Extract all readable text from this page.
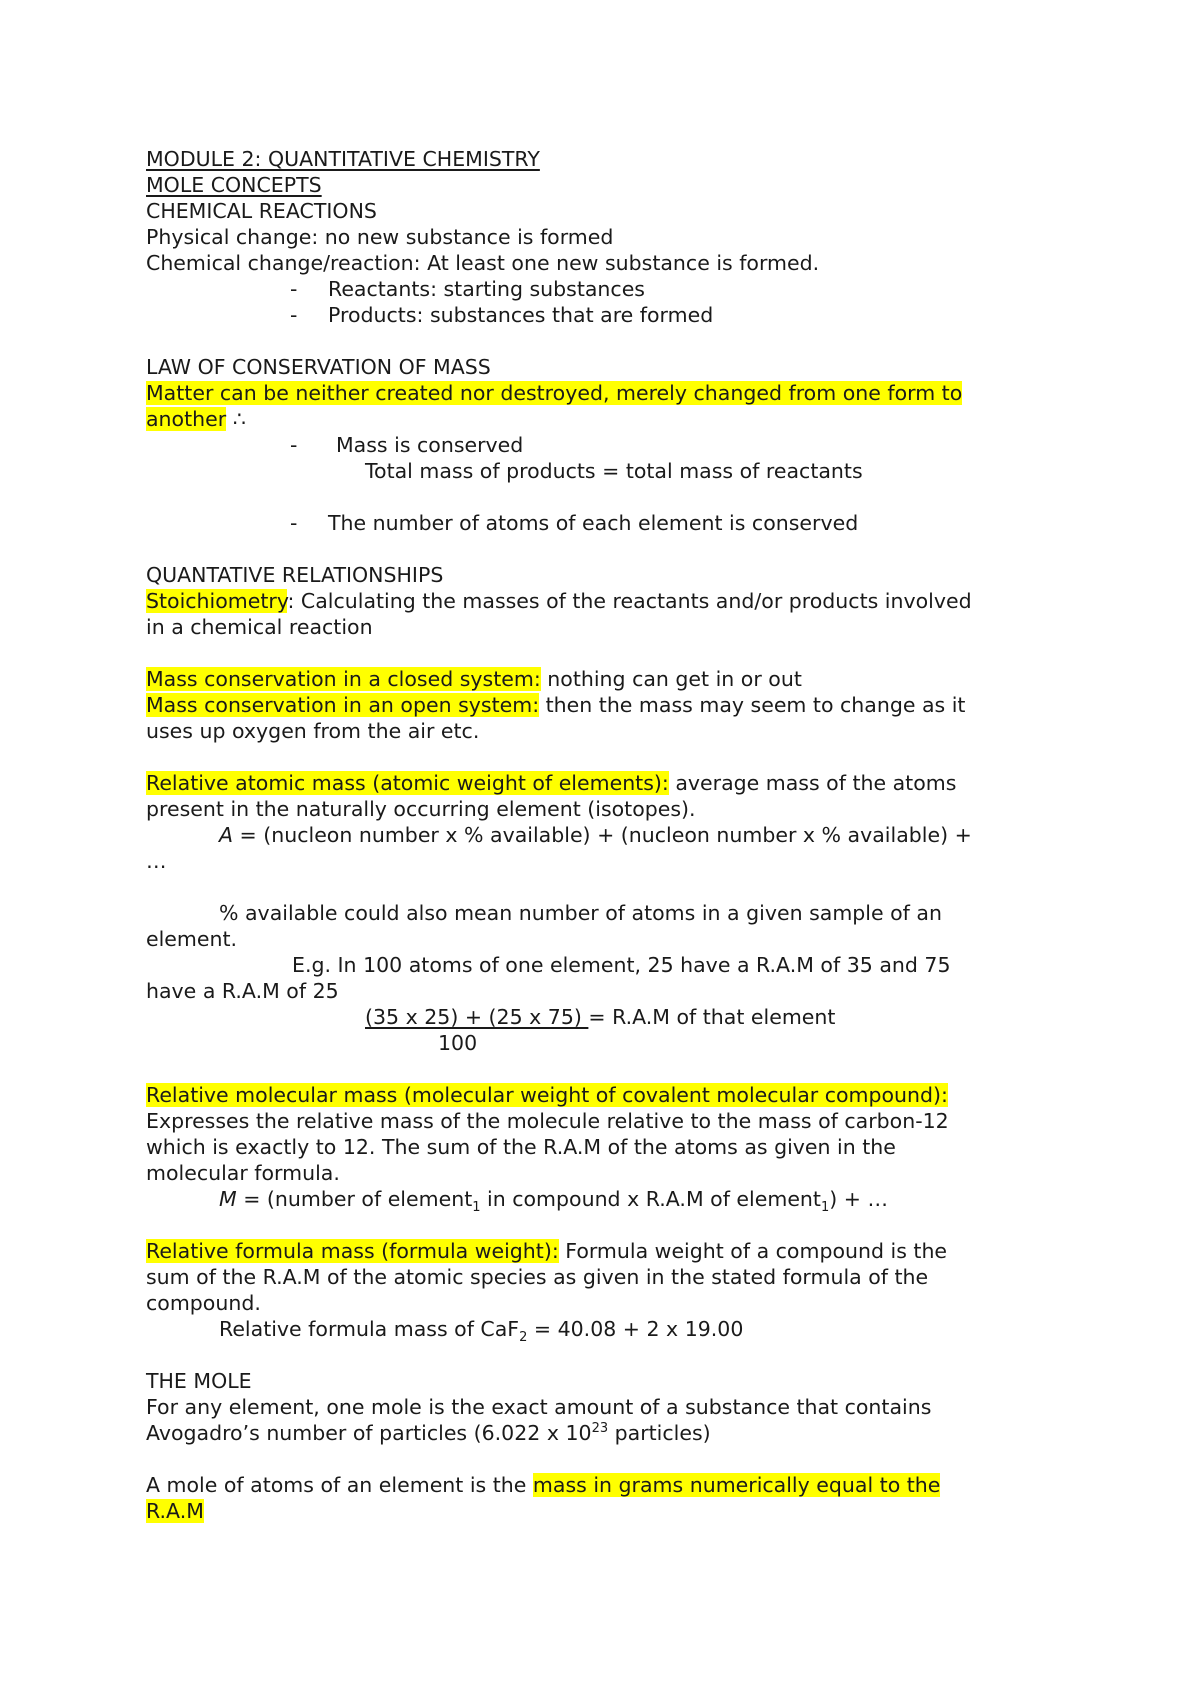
MODULE 2: QUANTITATIVE CHEMISTRY

MOLE CONCEPTS

CHEMICAL REACTIONS

Physical change: no new substance is formed

Chemical change/reaction: At least one new substance is formed.

- Reactants: starting substances

- Products: substances that are formed

LAW OF CONSERVATION OF MASS

Matter can be neither created nor destroyed, merely changed from one form to

another ∴

- Mass is conserved

Total mass of products = total mass of reactants

- The number of atoms of each element is conserved

QUANTATIVE RELATIONSHIPS

Stoichiometry: Calculating the masses of the reactants and/or products involved

in a chemical reaction

Mass conservation in a closed system: nothing can get in or out

Mass conservation in an open system: then the mass may seem to change as it

uses up oxygen from the air etc.

Relative atomic mass (atomic weight of elements): average mass of the atoms

present in the naturally occurring element (isotopes).

A = (nucleon number x % available) + (nucleon number x % available) +

…

% available could also mean number of atoms in a given sample of an

element.

E.g. In 100 atoms of one element, 25 have a R.A.M of 35 and 75

have a R.A.M of 25

(35 x 25) + (25 x 75) = R.A.M of that element

100

Relative molecular mass (molecular weight of covalent molecular compound):

Expresses the relative mass of the molecule relative to the mass of carbon-12

which is exactly to 12. The sum of the R.A.M of the atoms as given in the

molecular formula.

M = (number of element$_1$ in compound x R.A.M of element$_1$) + …

Relative formula mass (formula weight): Formula weight of a compound is the

sum of the R.A.M of the atomic species as given in the stated formula of the

compound.

Relative formula mass of CaF$_2$ = 40.08 + 2 x 19.00

THE MOLE

For any element, one mole is the exact amount of a substance that contains

Avogadro’s number of particles (6.022 x $10^{23}$ particles)

A mole of atoms of an element is the mass in grams numerically equal to the

R.A.M
